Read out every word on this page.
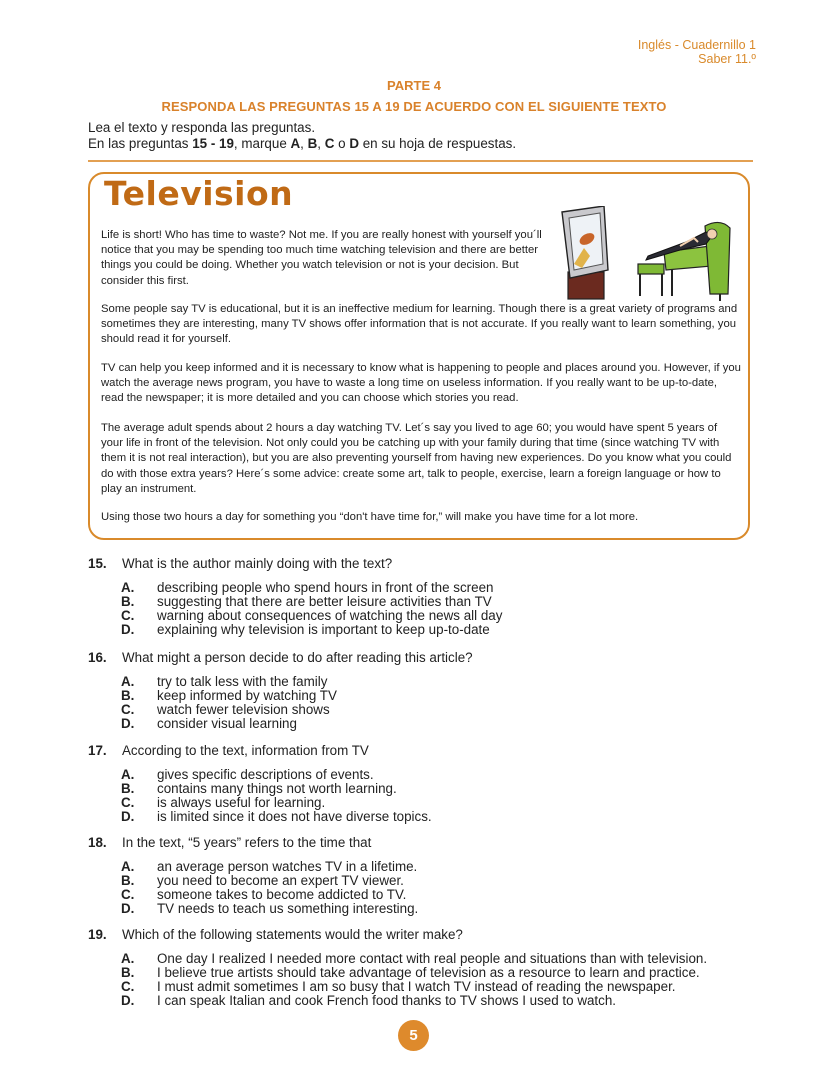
Inglés - Cuadernillo 1
Saber 11.º
PARTE 4
RESPONDA LAS PREGUNTAS 15 A 19 DE ACUERDO CON EL SIGUIENTE TEXTO
Lea el texto y responda las preguntas.
En las preguntas 15 - 19, marque A, B, C o D en su hoja de respuestas.
Television

Life is short! Who has time to waste? Not me. If you are really honest with yourself you´ll notice that you may be spending too much time watching television and there are better things you could be doing. Whether you watch television or not is your decision. But consider this first.

Some people say TV is educational, but it is an ineffective medium for learning. Though there is a great variety of programs and sometimes they are interesting, many TV shows offer information that is not accurate. If you really want to learn something, you should read it for yourself.

TV can help you keep informed and it is necessary to know what is happening to people and places around you. However, if you watch the average news program, you have to waste a long time on useless information. If you really want to be up-to-date, read the newspaper; it is more detailed and you can choose which stories you read.

The average adult spends about 2 hours a day watching TV. Let´s say you lived to age 60; you would have spent 5 years of your life in front of the television. Not only could you be catching up with your family during that time (since watching TV with them it is not real interaction), but you are also preventing yourself from having new experiences. Do you know what you could do with those extra years? Here´s some advice: create some art, talk to people, exercise, learn a foreign language or how to play an instrument.

Using those two hours a day for something you “don't have time for,” will make you have time for a lot more.

15. What is the author mainly doing with the text?
A. describing people who spend hours in front of the screen
B. suggesting that there are better leisure activities than TV
C. warning about consequences of watching the news all day
D. explaining why television is important to keep up-to-date
16. What might a person decide to do after reading this article?
A. try to talk less with the family
B. keep informed by watching TV
C. watch fewer television shows
D. consider visual learning
17. According to the text, information from TV
A. gives specific descriptions of events.
B. contains many things not worth learning.
C. is always useful for learning.
D. is limited since it does not have diverse topics.
18. In the text, “5 years” refers to the time that
A. an average person watches TV in a lifetime.
B. you need to become an expert TV viewer.
C. someone takes to become addicted to TV.
D. TV needs to teach us something interesting.
19. Which of the following statements would the writer make?
A. One day I realized I needed more contact with real people and situations than with television.
B. I believe true artists should take advantage of television as a resource to learn and practice.
C. I must admit sometimes I am so busy that I watch TV instead of reading the newspaper.
D. I can speak Italian and cook French food thanks to TV shows I used to watch.
5
